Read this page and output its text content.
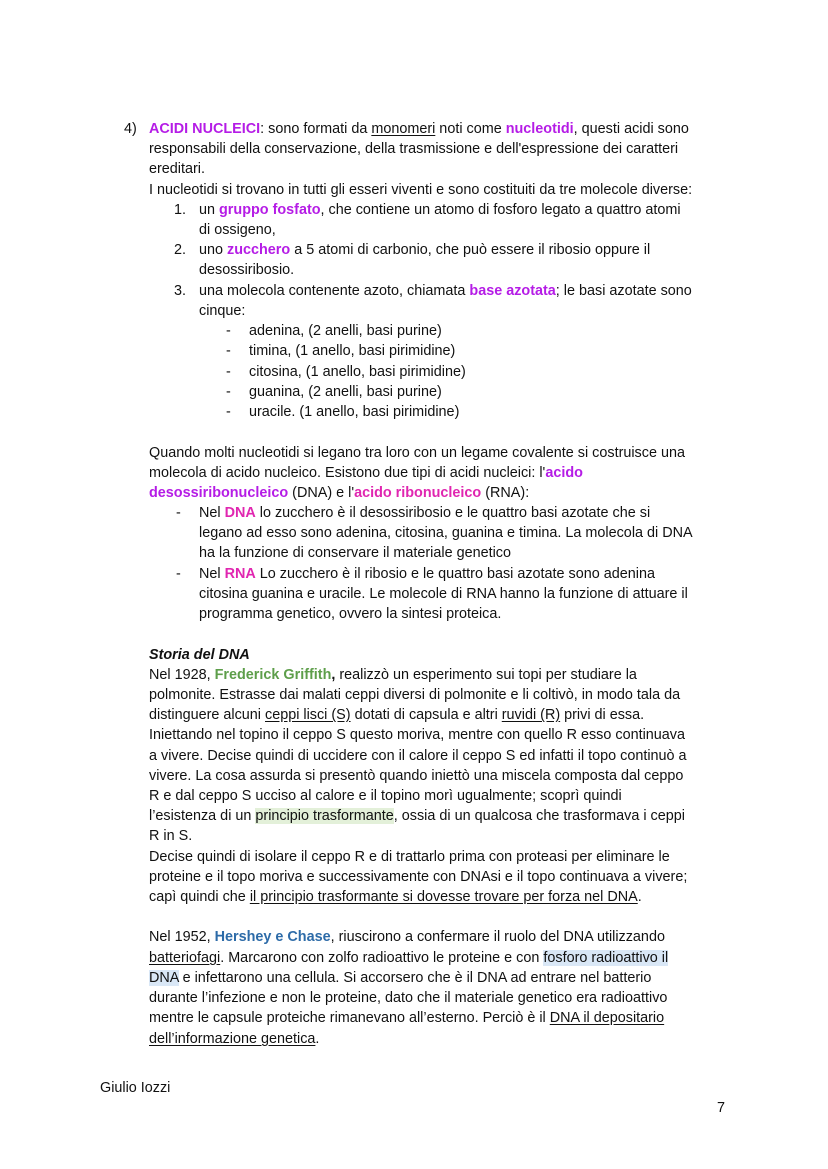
4) ACIDI NUCLEICI: sono formati da monomeri noti come nucleotidi, questi acidi sono
responsabili della conservazione, della trasmissione e dell'espressione dei caratteri
ereditari.
I nucleotidi si trovano in tutti gli esseri viventi e sono costituiti da tre molecole diverse:
1. un gruppo fosfato, che contiene un atomo di fosforo legato a quattro atomi
di ossigeno,
2. uno zucchero a 5 atomi di carbonio, che può essere il ribosio oppure il
desossiribosio.
3. una molecola contenente azoto, chiamata base azotata; le basi azotate sono
cinque:
- adenina, (2 anelli, basi purine)
- timina, (1 anello, basi pirimidine)
- citosina, (1 anello, basi pirimidine)
- guanina, (2 anelli, basi purine)
- uracile. (1 anello, basi pirimidine)
Quando molti nucleotidi si legano tra loro con un legame covalente si costruisce una
molecola di acido nucleico. Esistono due tipi di acidi nucleici: l'acido
desossiribonucleico (DNA) e l'acido ribonucleico (RNA):
- Nel DNA lo zucchero è il desossiribosio e le quattro basi azotate che si
legano ad esso sono adenina, citosina, guanina e timina. La molecola di DNA
ha la funzione di conservare il materiale genetico
- Nel RNA Lo zucchero è il ribosio e le quattro basi azotate sono adenina
citosina guanina e uracile. Le molecole di RNA hanno la funzione di attuare il
programma genetico, ovvero la sintesi proteica.
Storia del DNA
Nel 1928, Frederick Griffith, realizzò un esperimento sui topi per studiare la
polmonite. Estrasse dai malati ceppi diversi di polmonite e li coltivò, in modo tala da
distinguere alcuni ceppi lisci (S) dotati di capsula e altri ruvidi (R) privi di essa.
Iniettando nel topino il ceppo S questo moriva, mentre con quello R esso continuava
a vivere. Decise quindi di uccidere con il calore il ceppo S ed infatti il topo continuò a
vivere. La cosa assurda si presentò quando iniettò una miscela composta dal ceppo
R e dal ceppo S ucciso al calore e il topino morì ugualmente; scoprì quindi
l’esistenza di un principio trasformante, ossia di un qualcosa che trasformava i ceppi
R in S.
Decise quindi di isolare il ceppo R e di trattarlo prima con proteasi per eliminare le
proteine e il topo moriva e successivamente con DNAsi e il topo continuava a vivere;
capì quindi che il principio trasformante si dovesse trovare per forza nel DNA.
Nel 1952, Hershey e Chase, riuscirono a confermare il ruolo del DNA utilizzando
batteriofagi. Marcarono con zolfo radioattivo le proteine e con fosforo radioattivo il
DNA e infettarono una cellula. Si accorsero che è il DNA ad entrare nel batterio
durante l’infezione e non le proteine, dato che il materiale genetico era radioattivo
mentre le capsule proteiche rimanevano all’esterno. Perciò è il DNA il depositario
dell’informazione genetica.
Giulio Iozzi
7
